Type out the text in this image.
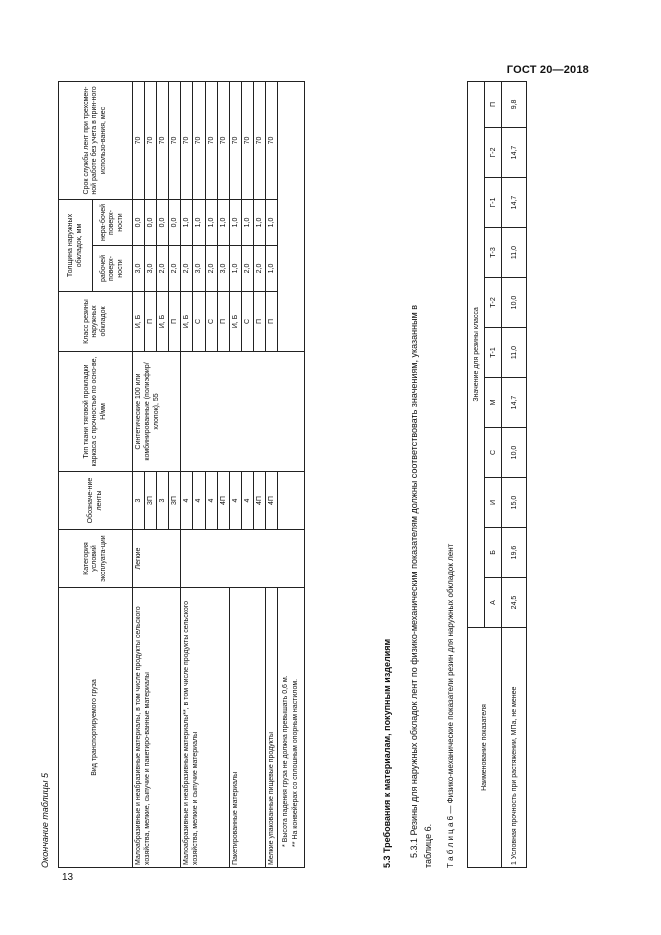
ГОСТ 20—2018
13
Окончание таблицы 5
Вид транспортируемого груза	Категория условий эксплуата-ции	Обозначе-ние ленты	Тип ткани тяговой прокладки каркаса с прочностью по осно-ве, Н/мм	Класс резины наружных обкладок	Толщина наружных обкладок, мм		Срок службы лент при трехсмен-ной работе без учета в прин-ного использо-вания, мес
					рабочей поверх-ности	нера-бочей поверх-ности	
Малоабразивные и неабразивные материалы, в том числе продукты сельского хозяйства, мелкие, сыпучие и пакетиро-ванные материалы	Легкие	3	Синтетические 100 или комбинированные (полиэфир/хлопок), 55	И, Б	3,0	0,0	70
		3П		П	3,0	0,0	70
		3		И, Б	2,0	0,0	70
		3П		П	2,0	0,0	70
Малоабразивные и неабразивные материалы**, в том числе продукты сельского хозяйства, мелкие и сыпучие материалы		4		И, Б	2,0	1,0	70
		4		С	3,0	1,0	70
		4		С	2,0	1,0	70
		4П		П	3,0	1,0	70
Пакетированные материалы		4		И, Б	1,0	1,0	70
		4		С	2,0	1,0	70
		4П		П	2,0	1,0	70
Мелкие упакованные пищевые продукты		4П		П	1,0	1,0	70

* Высота падения груза не должна превышать 0,6 м. ** На конвейерах со сплошным опорным настилом.								5.3 Требования к материалам, покупным изделиям 5.3.1 Резины для наружных обкладок лент по физико-механическим показателям должны соответствовать значениям, указанным в таблице 6.	Т а б л и ц а 6 — Физико-механические показатели резин для наружных обкладок лент	Наименование показателя	Значение для резины класса										
	А	Б	И	С	М	Т-1	Т-2	Т-3	Г-1	Г-2	П
1 Условная прочность при растяжении, МПа, не менее	24,5	19,6	15,0	10,0	14,7	11,0	10,0	11,0	14,7	14,7	9,8
